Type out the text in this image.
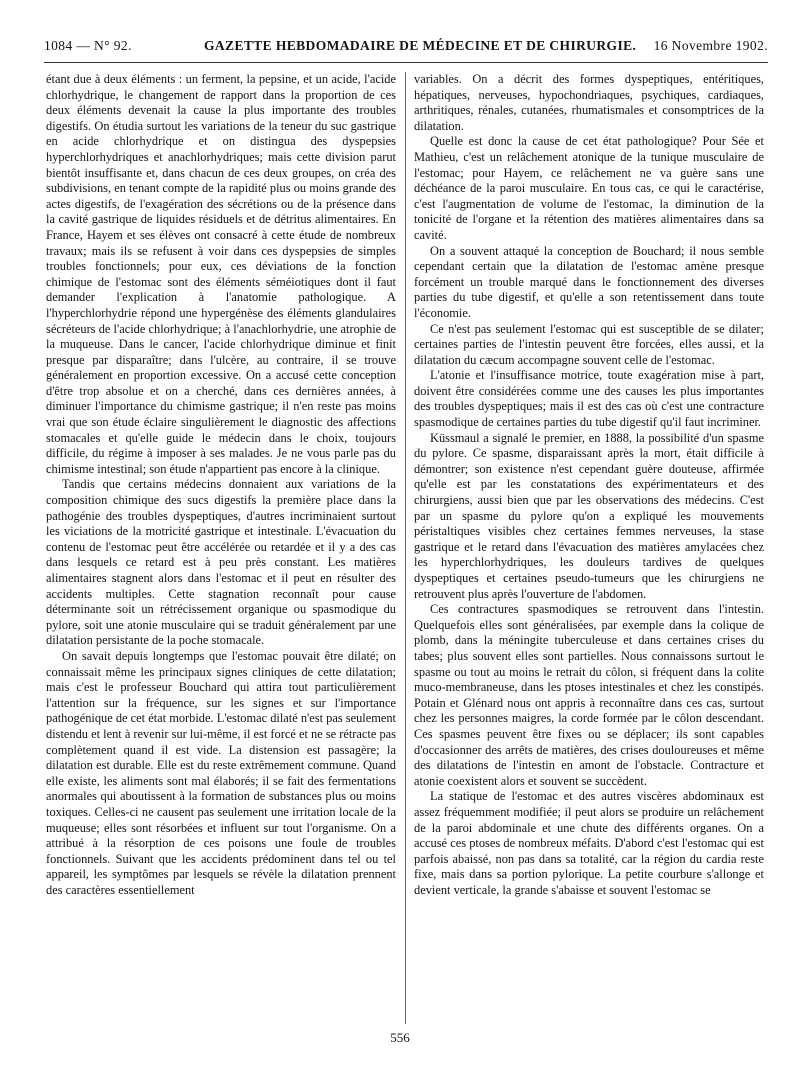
1084 — N° 92.	GAZETTE HEBDOMADAIRE DE MÉDECINE ET DE CHIRURGIE. 16 Novembre 1902.

étant due à deux éléments : un ferment, la pepsine, et un acide, l'acide chlorhydrique, le changement de rapport dans la proportion de ces deux éléments devenait la cause la plus importante des troubles digestifs. On étudia surtout les variations de la teneur du suc gastrique en acide chlorhydrique et on distingua des dyspepsies hyperchlorhydriques et anachlorhydriques; mais cette division parut bientôt insuffisante et, dans chacun de ces deux groupes, on créa des subdivisions, en tenant compte de la rapidité plus ou moins grande des actes digestifs, de l'exagération des sécrétions ou de la présence dans la cavité gastrique de liquides résiduels et de détritus alimentaires. En France, Hayem et ses élèves ont consacré à cette étude de nombreux travaux; mais ils se refusent à voir dans ces dyspepsies de simples troubles fonctionnels; pour eux, ces déviations de la fonction chimique de l'estomac sont des éléments séméiotiques dont il faut demander l'explication à l'anatomie pathologique. A l'hyperchlorhydrie répond une hypergénèse des éléments glandulaires sécréteurs de l'acide chlorhydrique; à l'anachlorhydrie, une atrophie de la muqueuse. Dans le cancer, l'acide chlorhydrique diminue et finit presque par disparaître; dans l'ulcère, au contraire, il se trouve généralement en proportion excessive. On a accusé cette conception d'être trop absolue et on a cherché, dans ces dernières années, à diminuer l'importance du chimisme gastrique; il n'en reste pas moins vrai que son étude éclaire singulièrement le diagnostic des affections stomacales et qu'elle guide le médecin dans le choix, toujours difficile, du régime à imposer à ses malades. Je ne vous parle pas du chimisme intestinal; son étude n'appartient pas encore à la clinique.

Tandis que certains médecins donnaient aux variations de la composition chimique des sucs digestifs la première place dans la pathogénie des troubles dyspeptiques, d'autres incriminaient surtout les viciations de la motricité gastrique et intestinale. L'évacuation du contenu de l'estomac peut être accélérée ou retardée et il y a des cas dans lesquels ce retard est à peu près constant. Les matières alimentaires stagnent alors dans l'estomac et il peut en résulter des accidents multiples. Cette stagnation reconnaît pour cause déterminante soit un rétrécissement organique ou spasmodique du pylore, soit une atonie musculaire qui se traduit généralement par une dilatation persistante de la poche stomacale.

On savait depuis longtemps que l'estomac pouvait être dilaté; on connaissait même les principaux signes cliniques de cette dilatation; mais c'est le professeur Bouchard qui attira tout particulièrement l'attention sur la fréquence, sur les signes et sur l'importance pathogénique de cet état morbide. L'estomac dilaté n'est pas seulement distendu et lent à revenir sur lui-même, il est forcé et ne se rétracte pas complètement quand il est vide. La distension est passagère; la dilatation est durable. Elle est du reste extrêmement commune. Quand elle existe, les aliments sont mal élaborés; il se fait des fermentations anormales qui aboutissent à la formation de substances plus ou moins toxiques. Celles-ci ne causent pas seulement une irritation locale de la muqueuse; elles sont résorbées et influent sur tout l'organisme. On a attribué à la résorption de ces poisons une foule de troubles fonctionnels. Suivant que les accidents prédominent dans tel ou tel appareil, les symptômes par lesquels se révèle la dilatation prennent des caractères essentiellement

variables. On a décrit des formes dyspeptiques, entéritiques, hépatiques, nerveuses, hypochondriaques, psychiques, cardiaques, arthritiques, rénales, cutanées, rhumatismales et consomptrices de la dilatation.

Quelle est donc la cause de cet état pathologique? Pour Sée et Mathieu, c'est un relâchement atonique de la tunique musculaire de l'estomac; pour Hayem, ce relâchement ne va guère sans une déchéance de la paroi musculaire. En tous cas, ce qui le caractérise, c'est l'augmentation de volume de l'estomac, la diminution de la tonicité de l'organe et la rétention des matières alimentaires dans sa cavité.

On a souvent attaqué la conception de Bouchard; il nous semble cependant certain que la dilatation de l'estomac amène presque forcément un trouble marqué dans le fonctionnement des diverses parties du tube digestif, et qu'elle a son retentissement dans toute l'économie.

Ce n'est pas seulement l'estomac qui est susceptible de se dilater; certaines parties de l'intestin peuvent être forcées, elles aussi, et la dilatation du cæcum accompagne souvent celle de l'estomac.

L'atonie et l'insuffisance motrice, toute exagération mise à part, doivent être considérées comme une des causes les plus importantes des troubles dyspeptiques; mais il est des cas où c'est une contracture spasmodique de certaines parties du tube digestif qu'il faut incriminer.

Küssmaul a signalé le premier, en 1888, la possibilité d'un spasme du pylore. Ce spasme, disparaissant après la mort, était difficile à démontrer; son existence n'est cependant guère douteuse, affirmée qu'elle est par les constatations des expérimentateurs et des chirurgiens, aussi bien que par les observations des médecins. C'est par un spasme du pylore qu'on a expliqué les mouvements péristaltiques visibles chez certaines femmes nerveuses, la stase gastrique et le retard dans l'évacuation des matières amylacées chez les hyperchlorhydriques, les douleurs tardives de quelques dyspeptiques et certaines pseudo-tumeurs que les chirurgiens ne retrouvent plus après l'ouverture de l'abdomen.

Ces contractures spasmodiques se retrouvent dans l'intestin. Quelquefois elles sont généralisées, par exemple dans la colique de plomb, dans la méningite tuberculeuse et dans certaines crises du tabes; plus souvent elles sont partielles. Nous connaissons surtout le spasme ou tout au moins le retrait du côlon, si fréquent dans la colite muco-membraneuse, dans les ptoses intestinales et chez les constipés. Potain et Glénard nous ont appris à reconnaître dans ces cas, surtout chez les personnes maigres, la corde formée par le côlon descendant. Ces spasmes peuvent être fixes ou se déplacer; ils sont capables d'occasionner des arrêts de matières, des crises douloureuses et même des dilatations de l'intestin en amont de l'obstacle. Contracture et atonie coexistent alors et souvent se succèdent.

La statique de l'estomac et des autres viscères abdominaux est assez fréquemment modifiée; il peut alors se produire un relâchement de la paroi abdominale et une chute des différents organes. On a accusé ces ptoses de nombreux méfaits. D'abord c'est l'estomac qui est parfois abaissé, non pas dans sa totalité, car la région du cardia reste fixe, mais dans sa portion pylorique. La petite courbure s'allonge et devient verticale, la grande s'abaisse et souvent l'estomac se

556
